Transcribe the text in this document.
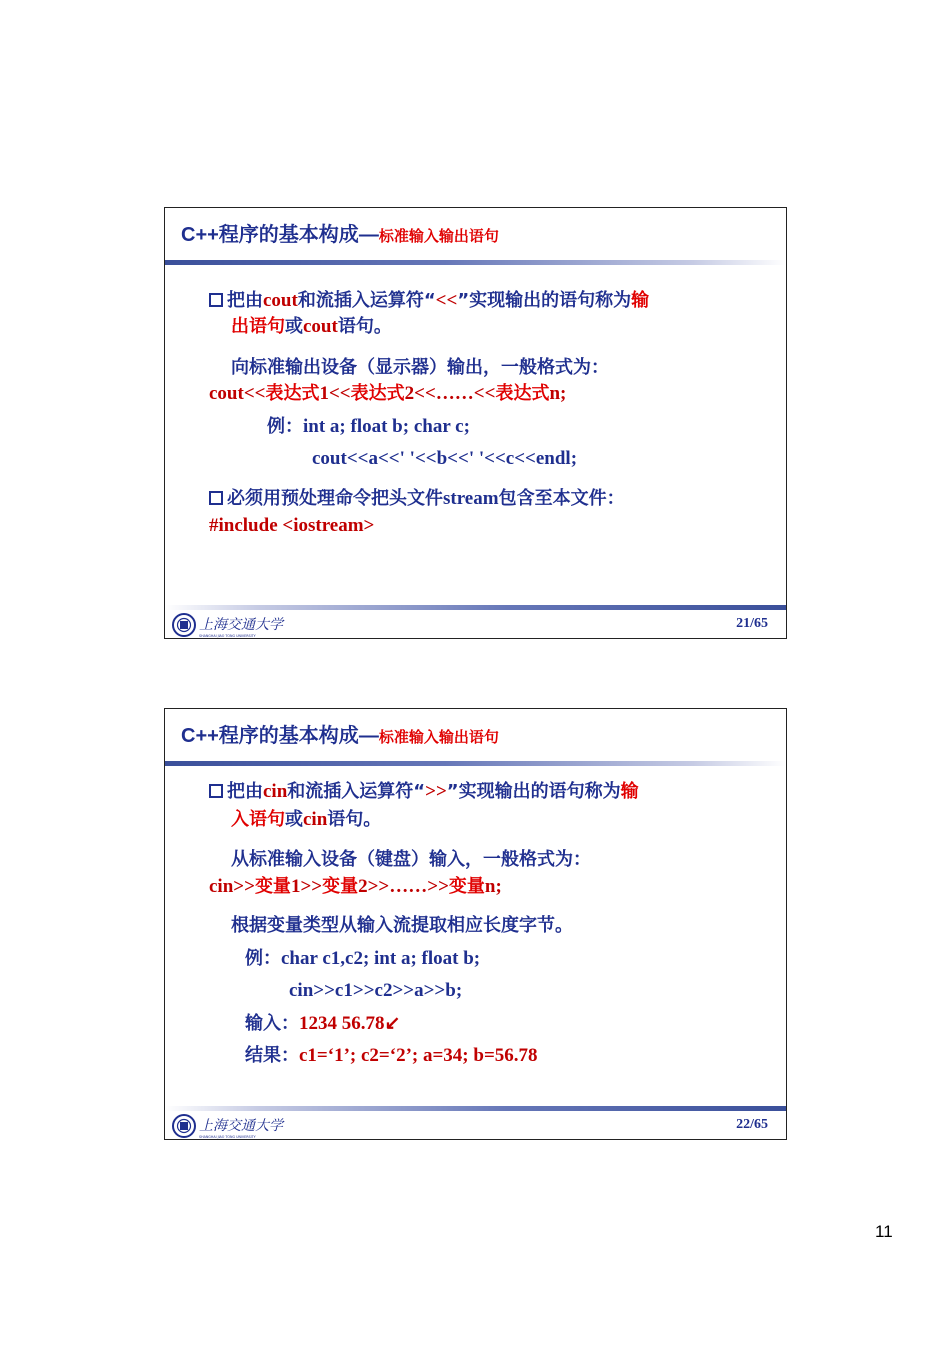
C++程序的基本构成—标准输入输出语句
把由cout和流插入运算符“<<”实现输出的语句称为输
出语句或cout语句。
向标准输出设备（显示器）输出，一般格式为：
cout<<表达式1<<表达式2<<……<<表达式n;
例：int a; float b; char c;
cout<<a<<' '<<b<<' '<<c<<endl;
必须用预处理命令把头文件stream包含至本文件：
#include <iostream>
上海交通大学
SHANGHAI JIAO TONG UNIVERSITY
21/65
C++程序的基本构成—标准输入输出语句
把由cin和流插入运算符“>>”实现输出的语句称为输
入语句或cin语句。
从标准输入设备（键盘）输入，一般格式为：
cin>>变量1>>变量2>>……>>变量n;
根据变量类型从输入流提取相应长度字节。
例：char c1,c2; int a; float b;
cin>>c1>>c2>>a>>b;
输入：1234 56.78↙
结果：c1=‘1’; c2=‘2’; a=34; b=56.78
上海交通大学
SHANGHAI JIAO TONG UNIVERSITY
22/65
11
